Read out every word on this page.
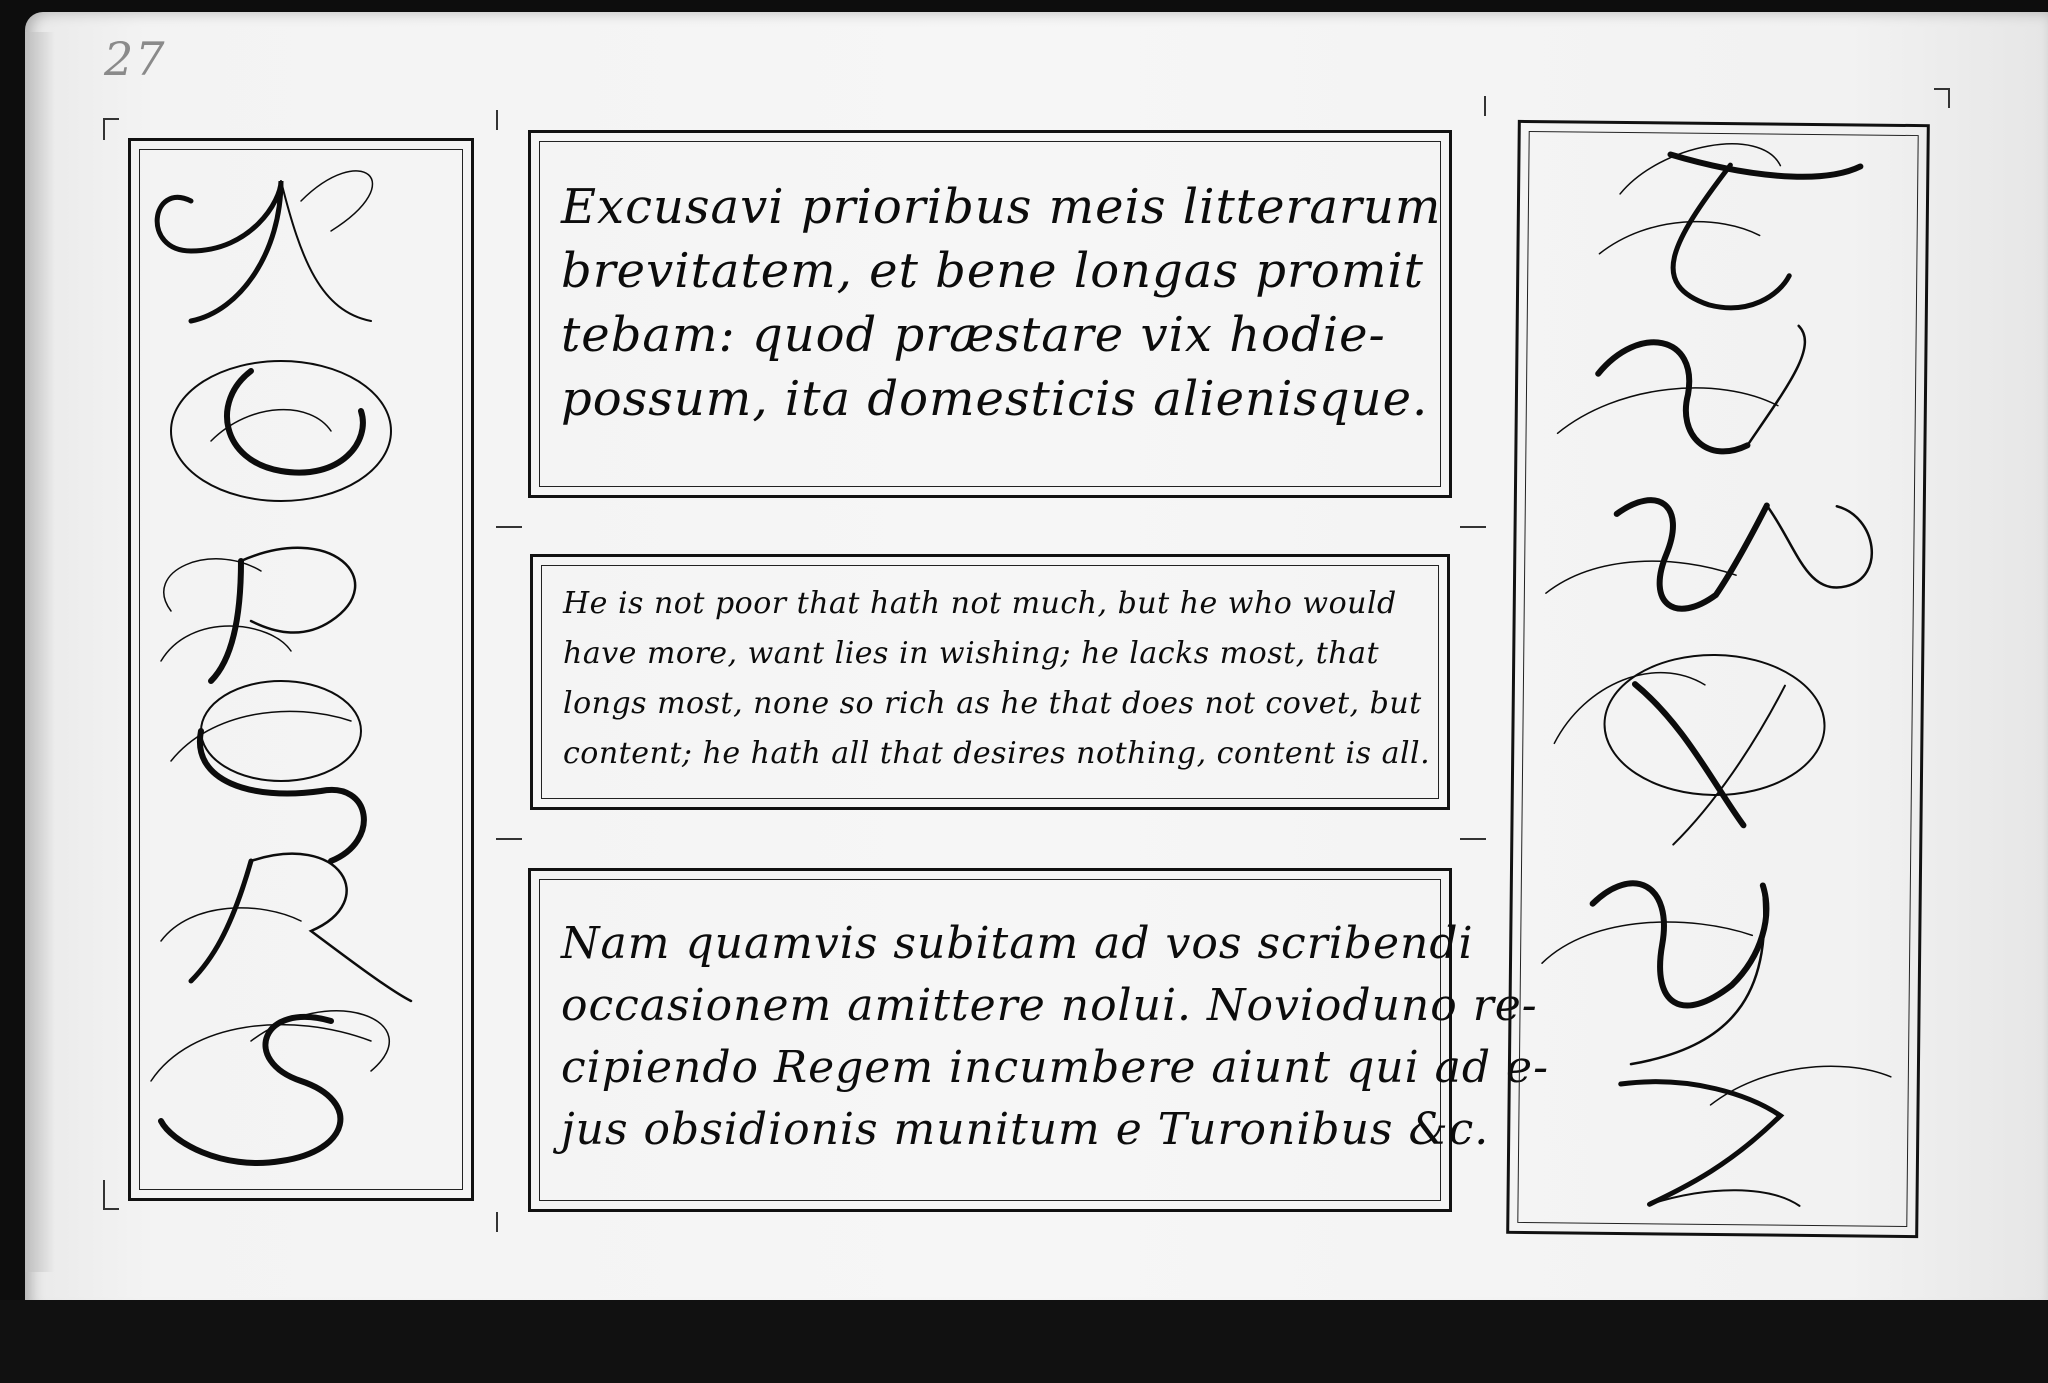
27
Excusavi prioribus meis litterarum
brevitatem, et bene longas promit
tebam: quod præstare vix hodie-
possum, ita domesticis alienisque.
He is not poor that hath not much, but he who would
have more, want lies in wishing; he lacks most, that
longs most, none so rich as he that does not covet, but
content; he hath all that desires nothing, content is all.
Nam quamvis subitam ad vos scribendi
occasionem amittere nolui. Novioduno re-
cipiendo Regem incumbere aiunt qui ad e-
jus obsidionis munitum e Turonibus &c.
